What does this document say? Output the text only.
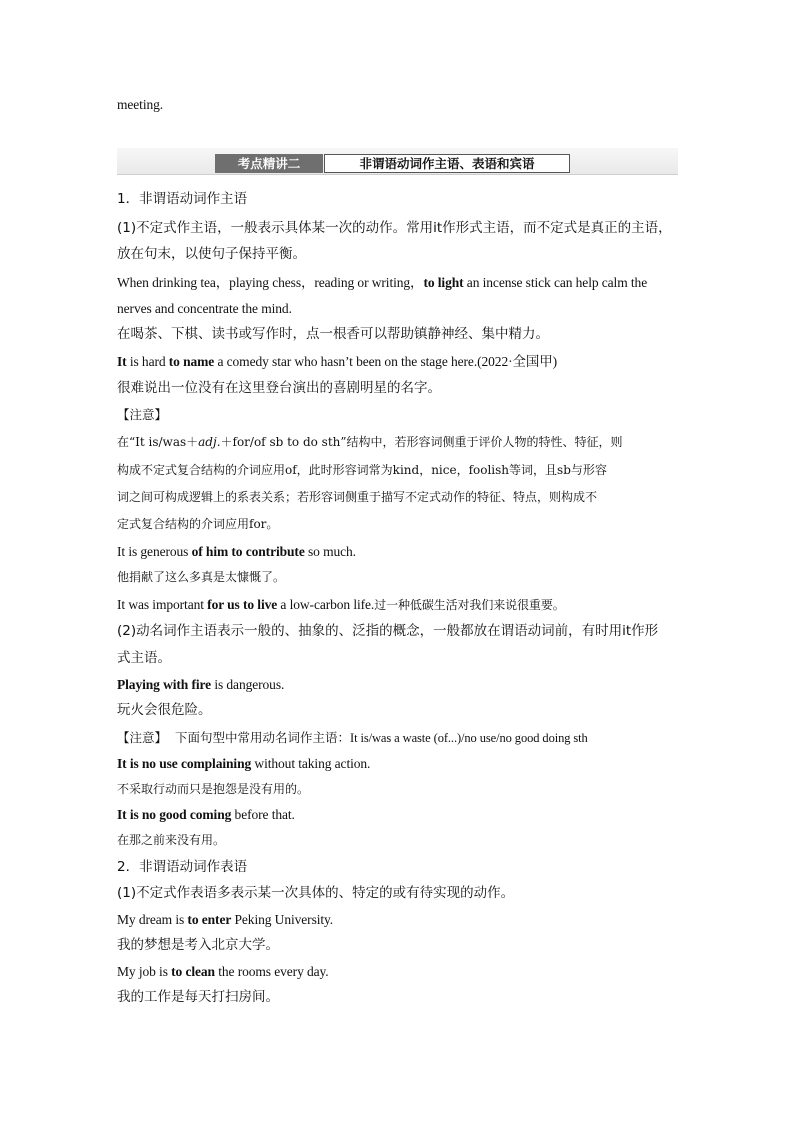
meeting.
1．非谓语动词作主语
(1)不定式作主语，一般表示具体某一次的动作。常用it作形式主语，而不定式是真正的主语，
放在句末，以使句子保持平衡。
When drinking tea，playing chess，reading or writing，to light an incense stick can help calm the
nerves and concentrate the mind.
在喝茶、下棋、读书或写作时，点一根香可以帮助镇静神经、集中精力。
It is hard to name a comedy star who hasn’t been on the stage here.(2022·全国甲)
很难说出一位没有在这里登台演出的喜剧明星的名字。
【注意】
在“It is/was＋adj.＋for/of sb to do sth”结构中，若形容词侧重于评价人物的特性、特征，则
构成不定式复合结构的介词应用of，此时形容词常为kind，nice，foolish等词，且sb与形容
词之间可构成逻辑上的系表关系；若形容词侧重于描写不定式动作的特征、特点，则构成不
定式复合结构的介词应用for。
It is generous of him to contribute so much.
他捐献了这么多真是太慷慨了。
It was important for us to live a low-carbon life.过一种低碳生活对我们来说很重要。
(2)动名词作主语表示一般的、抽象的、泛指的概念，一般都放在谓语动词前，有时用it作形
式主语。
Playing with fire is dangerous.
玩火会很危险。
【注意】 下面句型中常用动名词作主语：It is/was a waste (of...)/no use/no good doing sth
It is no use complaining without taking action.
不采取行动而只是抱怨是没有用的。
It is no good coming before that.
在那之前来没有用。
2．非谓语动词作表语
(1)不定式作表语多表示某一次具体的、特定的或有待实现的动作。
My dream is to enter Peking University.
我的梦想是考入北京大学。
My job is to clean the rooms every day.
我的工作是每天打扫房间。
考点精讲二	非谓语动词作主语、表语和宾语
